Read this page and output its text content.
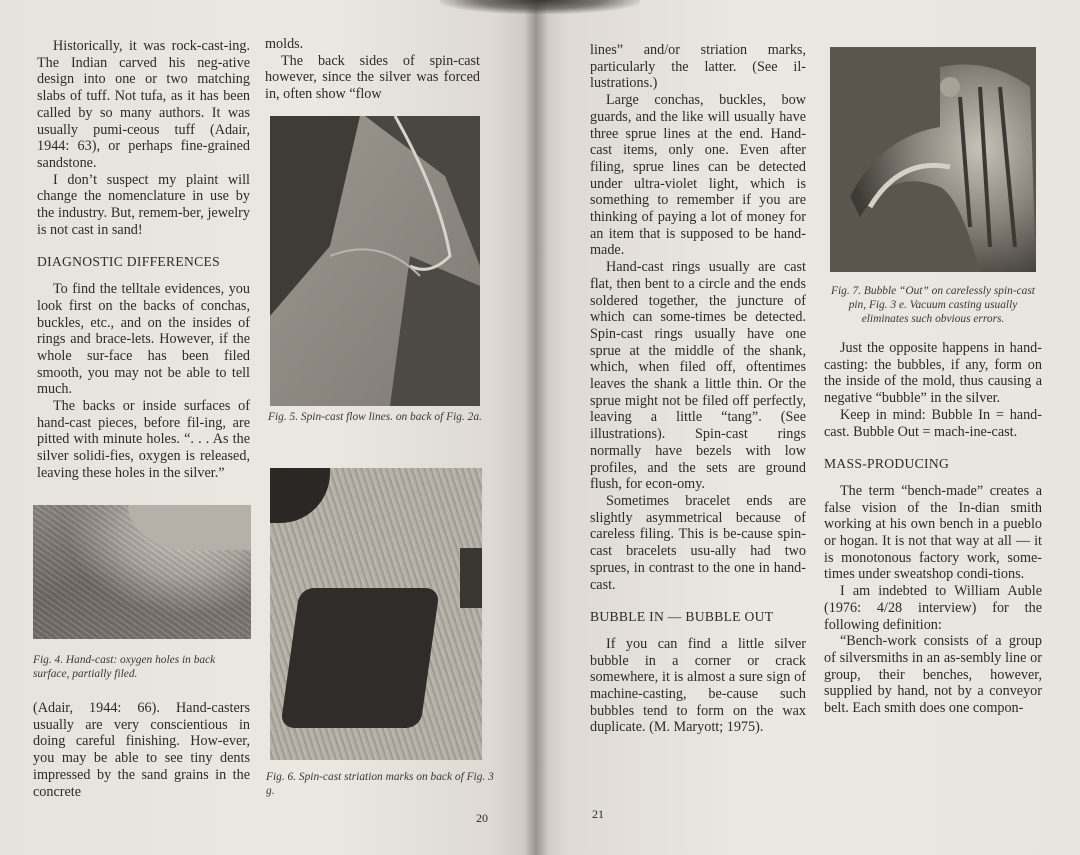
Historically, it was rock-cast-ing. The Indian carved his neg-ative design into one or two matching slabs of tuff. Not tufa, as it has been called by so many authors. It was usually pumi-ceous tuff (Adair, 1944: 63), or perhaps fine-grained sandstone.

I don’t suspect my plaint will change the nomenclature in use by the industry. But, remem-ber, jewelry is not cast in sand!

DIAGNOSTIC DIFFERENCES

To find the telltale evidences, you look first on the backs of conchas, buckles, etc., and on the insides of rings and brace-lets. However, if the whole sur-face has been filed smooth, you may not be able to tell much.

The backs or inside surfaces of hand-cast pieces, before fil-ing, are pitted with minute holes. “. . . As the silver solidi-fies, oxygen is released, leaving these holes in the silver.”

Fig. 4. Hand-cast: oxygen holes in back surface, partially filed.

(Adair, 1944: 66). Hand-casters usually are very conscientious in doing careful finishing. How-ever, you may be able to see tiny dents impressed by the sand grains in the concrete

molds.

The back sides of spin-cast however, since the silver was forced in, often show “flow

Fig. 5. Spin-cast flow lines. on back of Fig. 2a.
Fig. 6. Spin-cast striation marks on back of Fig. 3 g.
20

lines” and/or striation marks, particularly the latter. (See il-lustrations.)

Large conchas, buckles, bow guards, and the like will usually have three sprue lines at the end. Hand-cast items, only one. Even after filing, sprue lines can be detected under ultra-violet light, which is something to remember if you are thinking of paying a lot of money for an item that is supposed to be hand-made.

Hand-cast rings usually are cast flat, then bent to a circle and the ends soldered together, the juncture of which can some-times be detected. Spin-cast rings usually have one sprue at the middle of the shank, which, when filed off, oftentimes leaves the shank a little thin. Or the sprue might not be filed off perfectly, leaving a little “tang”. (See illustrations). Spin-cast rings normally have bezels with low profiles, and the sets are ground flush, for econ-omy.

Sometimes bracelet ends are slightly asymmetrical because of careless filing. This is be-cause spin-cast bracelets usu-ally had two sprues, in contrast to the one in hand-cast.

BUBBLE IN — BUBBLE OUT

If you can find a little silver bubble in a corner or crack somewhere, it is almost a sure sign of machine-casting, be-cause such bubbles tend to form on the wax duplicate. (M. Maryott; 1975).

Fig. 7. Bubble “Out” on carelessly spin-cast pin, Fig. 3 e. Vacuum casting usually eliminates such obvious errors.

Just the opposite happens in hand-casting: the bubbles, if any, form on the inside of the mold, thus causing a negative “bubble” in the silver.

Keep in mind: Bubble In = hand-cast. Bubble Out = mach-ine-cast.

MASS-PRODUCING

The term “bench-made” creates a false vision of the In-dian smith working at his own bench in a pueblo or hogan. It is not that way at all — it is monotonous factory work, some-times under sweatshop condi-tions.

I am indebted to William Auble (1976: 4/28 interview) for the following definition:

“Bench-work consists of a group of silversmiths in an as-sembly line or group, their benches, however, supplied by hand, not by a conveyor belt. Each smith does one compon-

21
